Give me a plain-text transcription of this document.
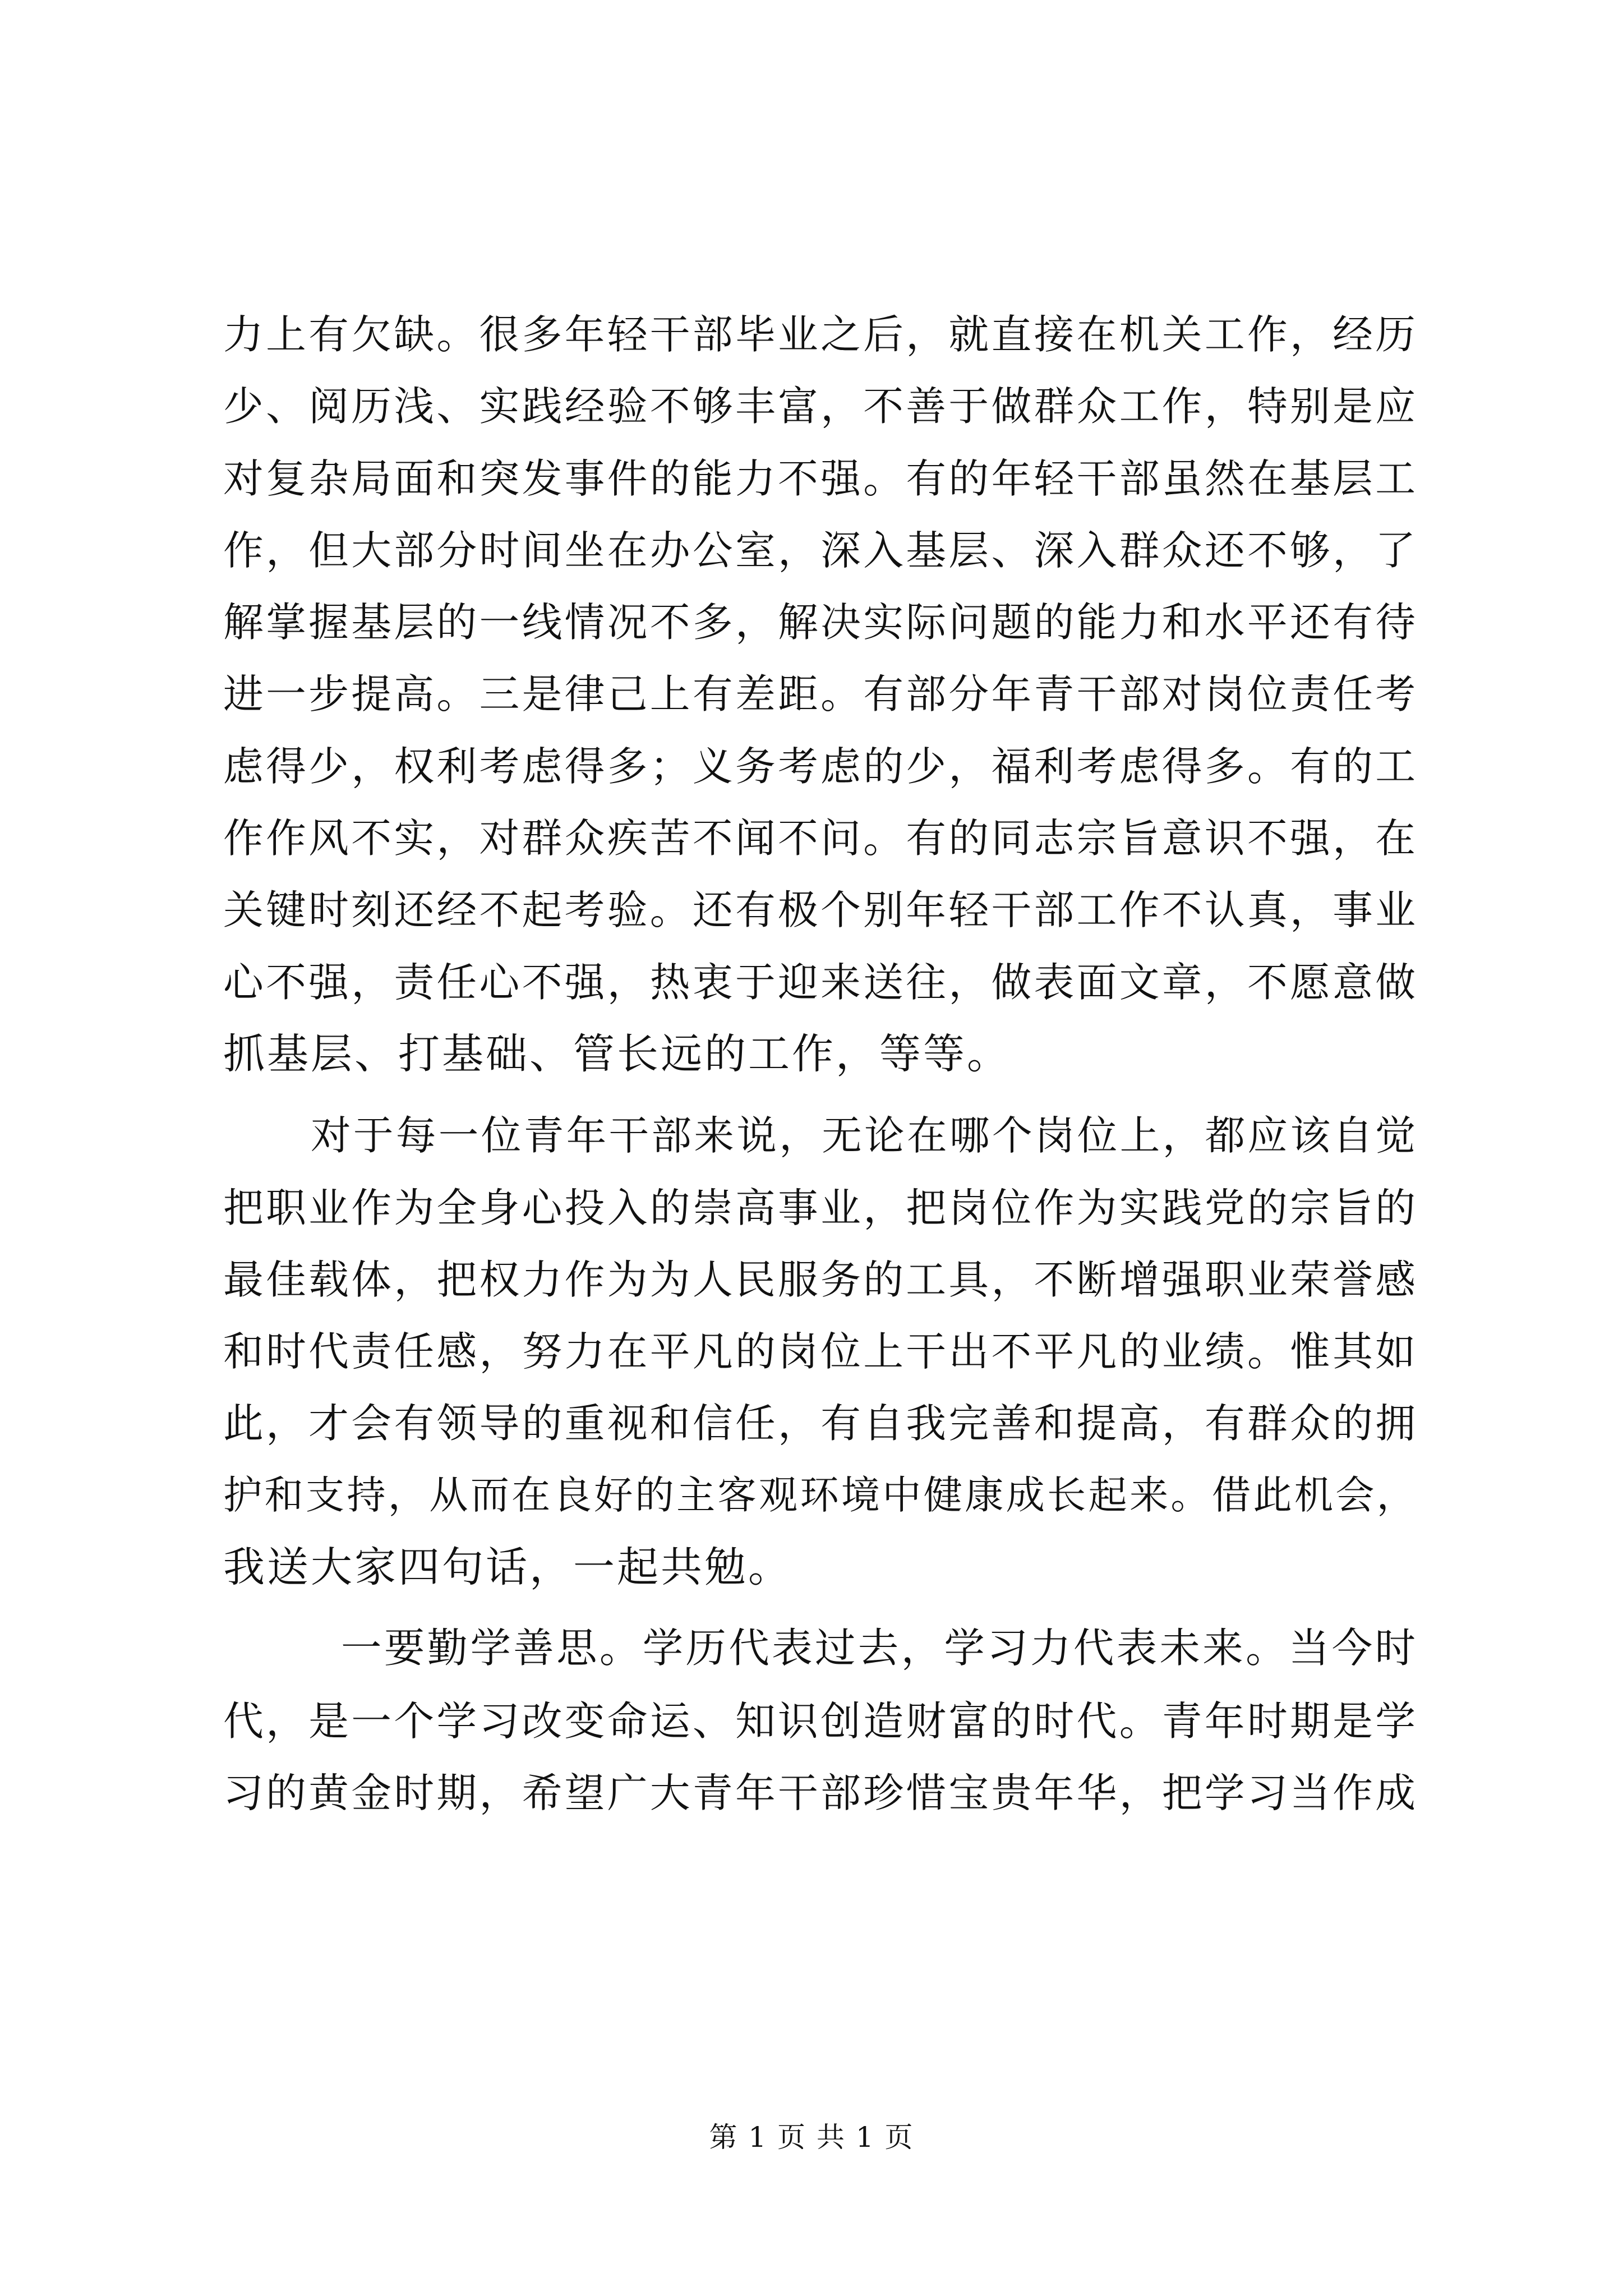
力上有欠缺。很多年轻干部毕业之后，就直接在机关工作，经历
少、阅历浅、实践经验不够丰富，不善于做群众工作，特别是应
对复杂局面和突发事件的能力不强。有的年轻干部虽然在基层工
作，但大部分时间坐在办公室，深入基层、深入群众还不够，了
解掌握基层的一线情况不多，解决实际问题的能力和水平还有待
进一步提高。三是律己上有差距。有部分年青干部对岗位责任考
虑得少，权利考虑得多；义务考虑的少，福利考虑得多。有的工
作作风不实，对群众疾苦不闻不问。有的同志宗旨意识不强，在
关键时刻还经不起考验。还有极个别年轻干部工作不认真，事业
心不强，责任心不强，热衷于迎来送往，做表面文章，不愿意做
抓基层、打基础、管长远的工作，等等。
对于每一位青年干部来说，无论在哪个岗位上，都应该自觉
把职业作为全身心投入的崇高事业，把岗位作为实践党的宗旨的
最佳载体，把权力作为为人民服务的工具，不断增强职业荣誉感
和时代责任感，努力在平凡的岗位上干出不平凡的业绩。惟其如
此，才会有领导的重视和信任，有自我完善和提高，有群众的拥
护和支持，从而在良好的主客观环境中健康成长起来。借此机会，
我送大家四句话，一起共勉。
一要勤学善思。学历代表过去，学习力代表未来。当今时
代，是一个学习改变命运、知识创造财富的时代。青年时期是学
习的黄金时期，希望广大青年干部珍惜宝贵年华，把学习当作成
第 1 页 共 1 页
